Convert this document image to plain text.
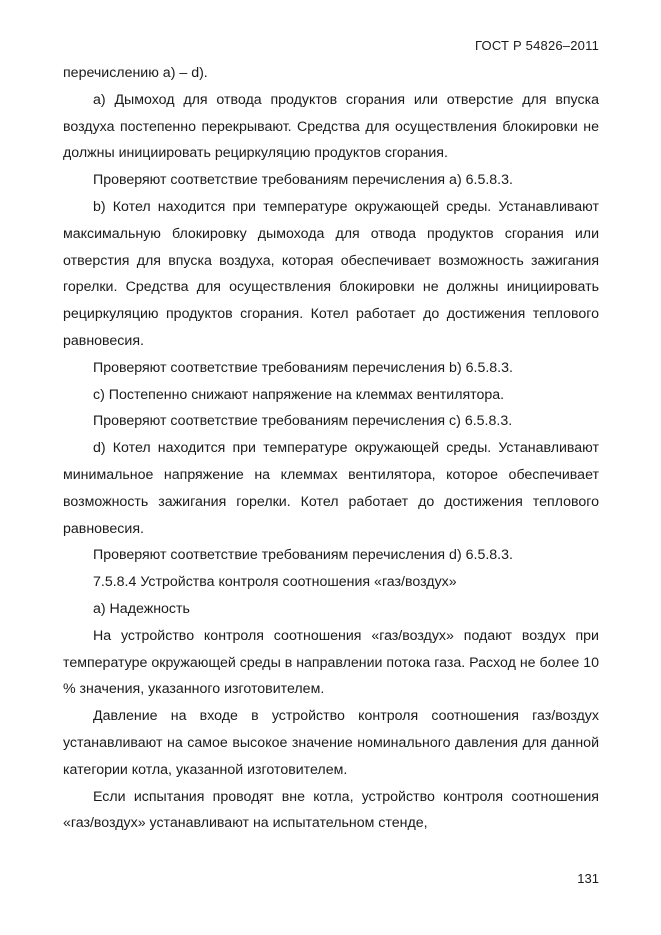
ГОСТ Р 54826–2011

перечислению а) – d).

a) Дымоход для отвода продуктов сгорания или отверстие для впуска воздуха постепенно перекрывают. Средства для осуществления блокировки не должны инициировать рециркуляцию продуктов сгорания.

Проверяют соответствие требованиям перечисления а) 6.5.8.3.

b) Котел находится при температуре окружающей среды. Устанавливают максимальную блокировку дымохода для отвода продуктов сгорания или отверстия для впуска воздуха, которая обеспечивает возможность зажигания горелки. Средства для осуществления блокировки не должны инициировать рециркуляцию продуктов сгорания. Котел работает до достижения теплового равновесия.

Проверяют соответствие требованиям перечисления b) 6.5.8.3.

c) Постепенно снижают напряжение на клеммах вентилятора.

Проверяют соответствие требованиям перечисления c) 6.5.8.3.

d) Котел находится при температуре окружающей среды. Устанавливают минимальное напряжение на клеммах вентилятора, которое обеспечивает возможность зажигания горелки. Котел работает до достижения теплового равновесия.

Проверяют соответствие требованиям перечисления d) 6.5.8.3.

7.5.8.4 Устройства контроля соотношения «газ/воздух»

а) Надежность

На устройство контроля соотношения «газ/воздух» подают воздух при температуре окружающей среды в направлении потока газа. Расход не более 10 % значения, указанного изготовителем.

Давление на входе в устройство контроля соотношения газ/воздух устанавливают на самое высокое значение номинального давления для данной категории котла, указанной изготовителем.

Если испытания проводят вне котла, устройство контроля соотношения «газ/воздух» устанавливают на испытательном стенде,

131
